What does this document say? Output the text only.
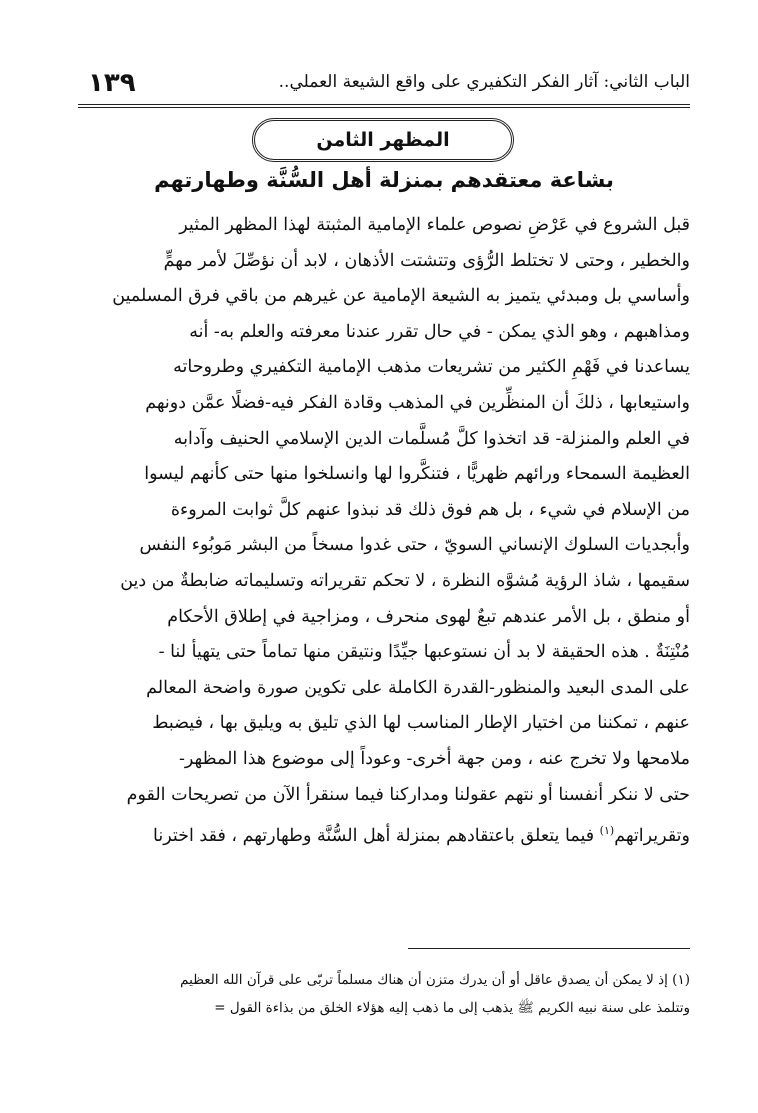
١٣٩	الباب الثاني: آثار الفكر التكفيري على واقع الشيعة العملي..
المظهر الثامن
بشاعة معتقدهم بمنزلة أهل السُّنَّة وطهارتهم
قبل الشروع في عَرْضِ نصوص علماء الإمامية المثبتة لهذا المظهر المثير
والخطير ، وحتى لا تختلط الرُّؤى وتتشتت الأذهان ، لابد أن نؤصِّلَ لأمر مهمٍّ
وأساسي بل ومبدئي يتميز به الشيعة الإمامية عن غيرهم من باقي فرق المسلمين
ومذاهبهم ، وهو الذي يمكن - في حال تقرر عندنا معرفته والعلم به- أنه
يساعدنا في فَهْمِ الكثير من تشريعات مذهب الإمامية التكفيري وطروحاته
واستيعابها ، ذلكَ أن المنظِّرين في المذهب وقادة الفكر فيه-فضلًا عمَّن دونهم
في العلم والمنزلة- قد اتخذوا كلَّ مُسلَّمات الدين الإسلامي الحنيف وآدابه
العظيمة السمحاء ورائهم ظهريًّا ، فتنكَّروا لها وانسلخوا منها حتى كأنهم ليسوا
من الإسلام في شيء ، بل هم فوق ذلك قد نبذوا عنهم كلَّ ثوابت المروءة
وأبجديات السلوك الإنساني السويّ ، حتى غدوا مسخاً من البشر مَوبُوء النفس
سقيمها ، شاذ الرؤية مُشوَّه النظرة ، لا تحكم تقريراته وتسليماته ضابطةٌ من دين
أو منطق ، بل الأمر عندهم تبعٌ لهوى منحرف ، ومزاجية في إطلاق الأحكام
مُنْتِنَةٌ . هذه الحقيقة لا بد أن نستوعبها جيِّدًا ونتيقن منها تماماً حتى يتهيأ لنا -
على المدى البعيد والمنظور-القدرة الكاملة على تكوين صورة واضحة المعالم
عنهم ، تمكننا من اختيار الإطار المناسب لها الذي تليق به ويليق بها ، فيضبط
ملامحها ولا تخرج عنه ، ومن جهة أخرى- وعوداً إلى موضوع هذا المظهر-
حتى لا ننكر أنفسنا أو نتهم عقولنا ومداركنا فيما سنقرأ الآن من تصريحات القوم
وتقريراتهم$^{(١)}$ فيما يتعلق باعتقادهم بمنزلة أهل السُّنَّة وطهارتهم ، فقد اخترنا
(١) إذ لا يمكن أن يصدق عاقل أو أن يدرك متزن أن هناك مسلماً تربّى على قرآن الله العظيم
وتتلمذ على سنة نبيه الكريم ﷺ يذهب إلى ما ذهب إليه هؤلاء الخلق من بذاءة القول =
